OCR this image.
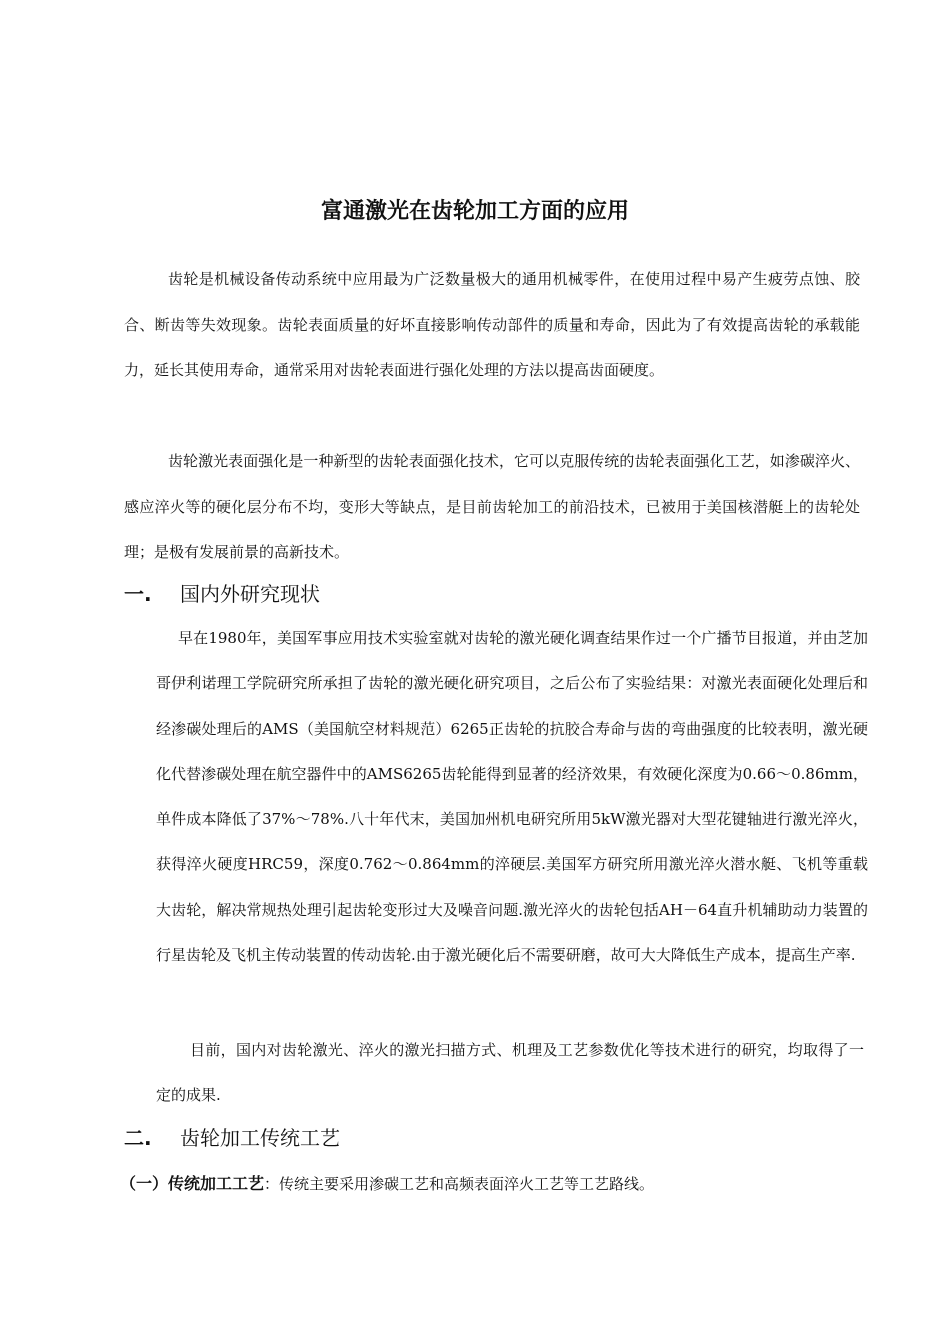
富通激光在齿轮加工方面的应用

齿轮是机械设备传动系统中应用最为广泛数量极大的通用机械零件，在使用过程中易产生疲劳点蚀、胶合、断齿等失效现象。齿轮表面质量的好坏直接影响传动部件的质量和寿命，因此为了有效提高齿轮的承载能力，延长其使用寿命，通常采用对齿轮表面进行强化处理的方法以提高齿面硬度。

齿轮激光表面强化是一种新型的齿轮表面强化技术，它可以克服传统的齿轮表面强化工艺，如渗碳淬火、感应淬火等的硬化层分布不均，变形大等缺点，是目前齿轮加工的前沿技术，已被用于美国核潜艇上的齿轮处理；是极有发展前景的高新技术。

一. 国内外研究现状

早在1980年，美国军事应用技术实验室就对齿轮的激光硬化调查结果作过一个广播节目报道，并由芝加哥伊利诺理工学院研究所承担了齿轮的激光硬化研究项目，之后公布了实验结果：对激光表面硬化处理后和经渗碳处理后的AMS（美国航空材料规范）6265正齿轮的抗胶合寿命与齿的弯曲强度的比较表明，激光硬化代替渗碳处理在航空器件中的AMS6265齿轮能得到显著的经济效果，有效硬化深度为0.66～0.86mm，单件成本降低了37%～78%.八十年代末，美国加州机电研究所用5kW激光器对大型花键轴进行激光淬火，获得淬火硬度HRC59，深度0.762～0.864mm的淬硬层.美国军方研究所用激光淬火潜水艇、飞机等重载大齿轮，解决常规热处理引起齿轮变形过大及噪音问题.激光淬火的齿轮包括AH－64直升机辅助动力装置的行星齿轮及飞机主传动装置的传动齿轮.由于激光硬化后不需要研磨，故可大大降低生产成本，提高生产率.

目前，国内对齿轮激光、淬火的激光扫描方式、机理及工艺参数优化等技术进行的研究，均取得了一定的成果.

二. 齿轮加工传统工艺

（一）传统加工工艺：传统主要采用渗碳工艺和高频表面淬火工艺等工艺路线。
